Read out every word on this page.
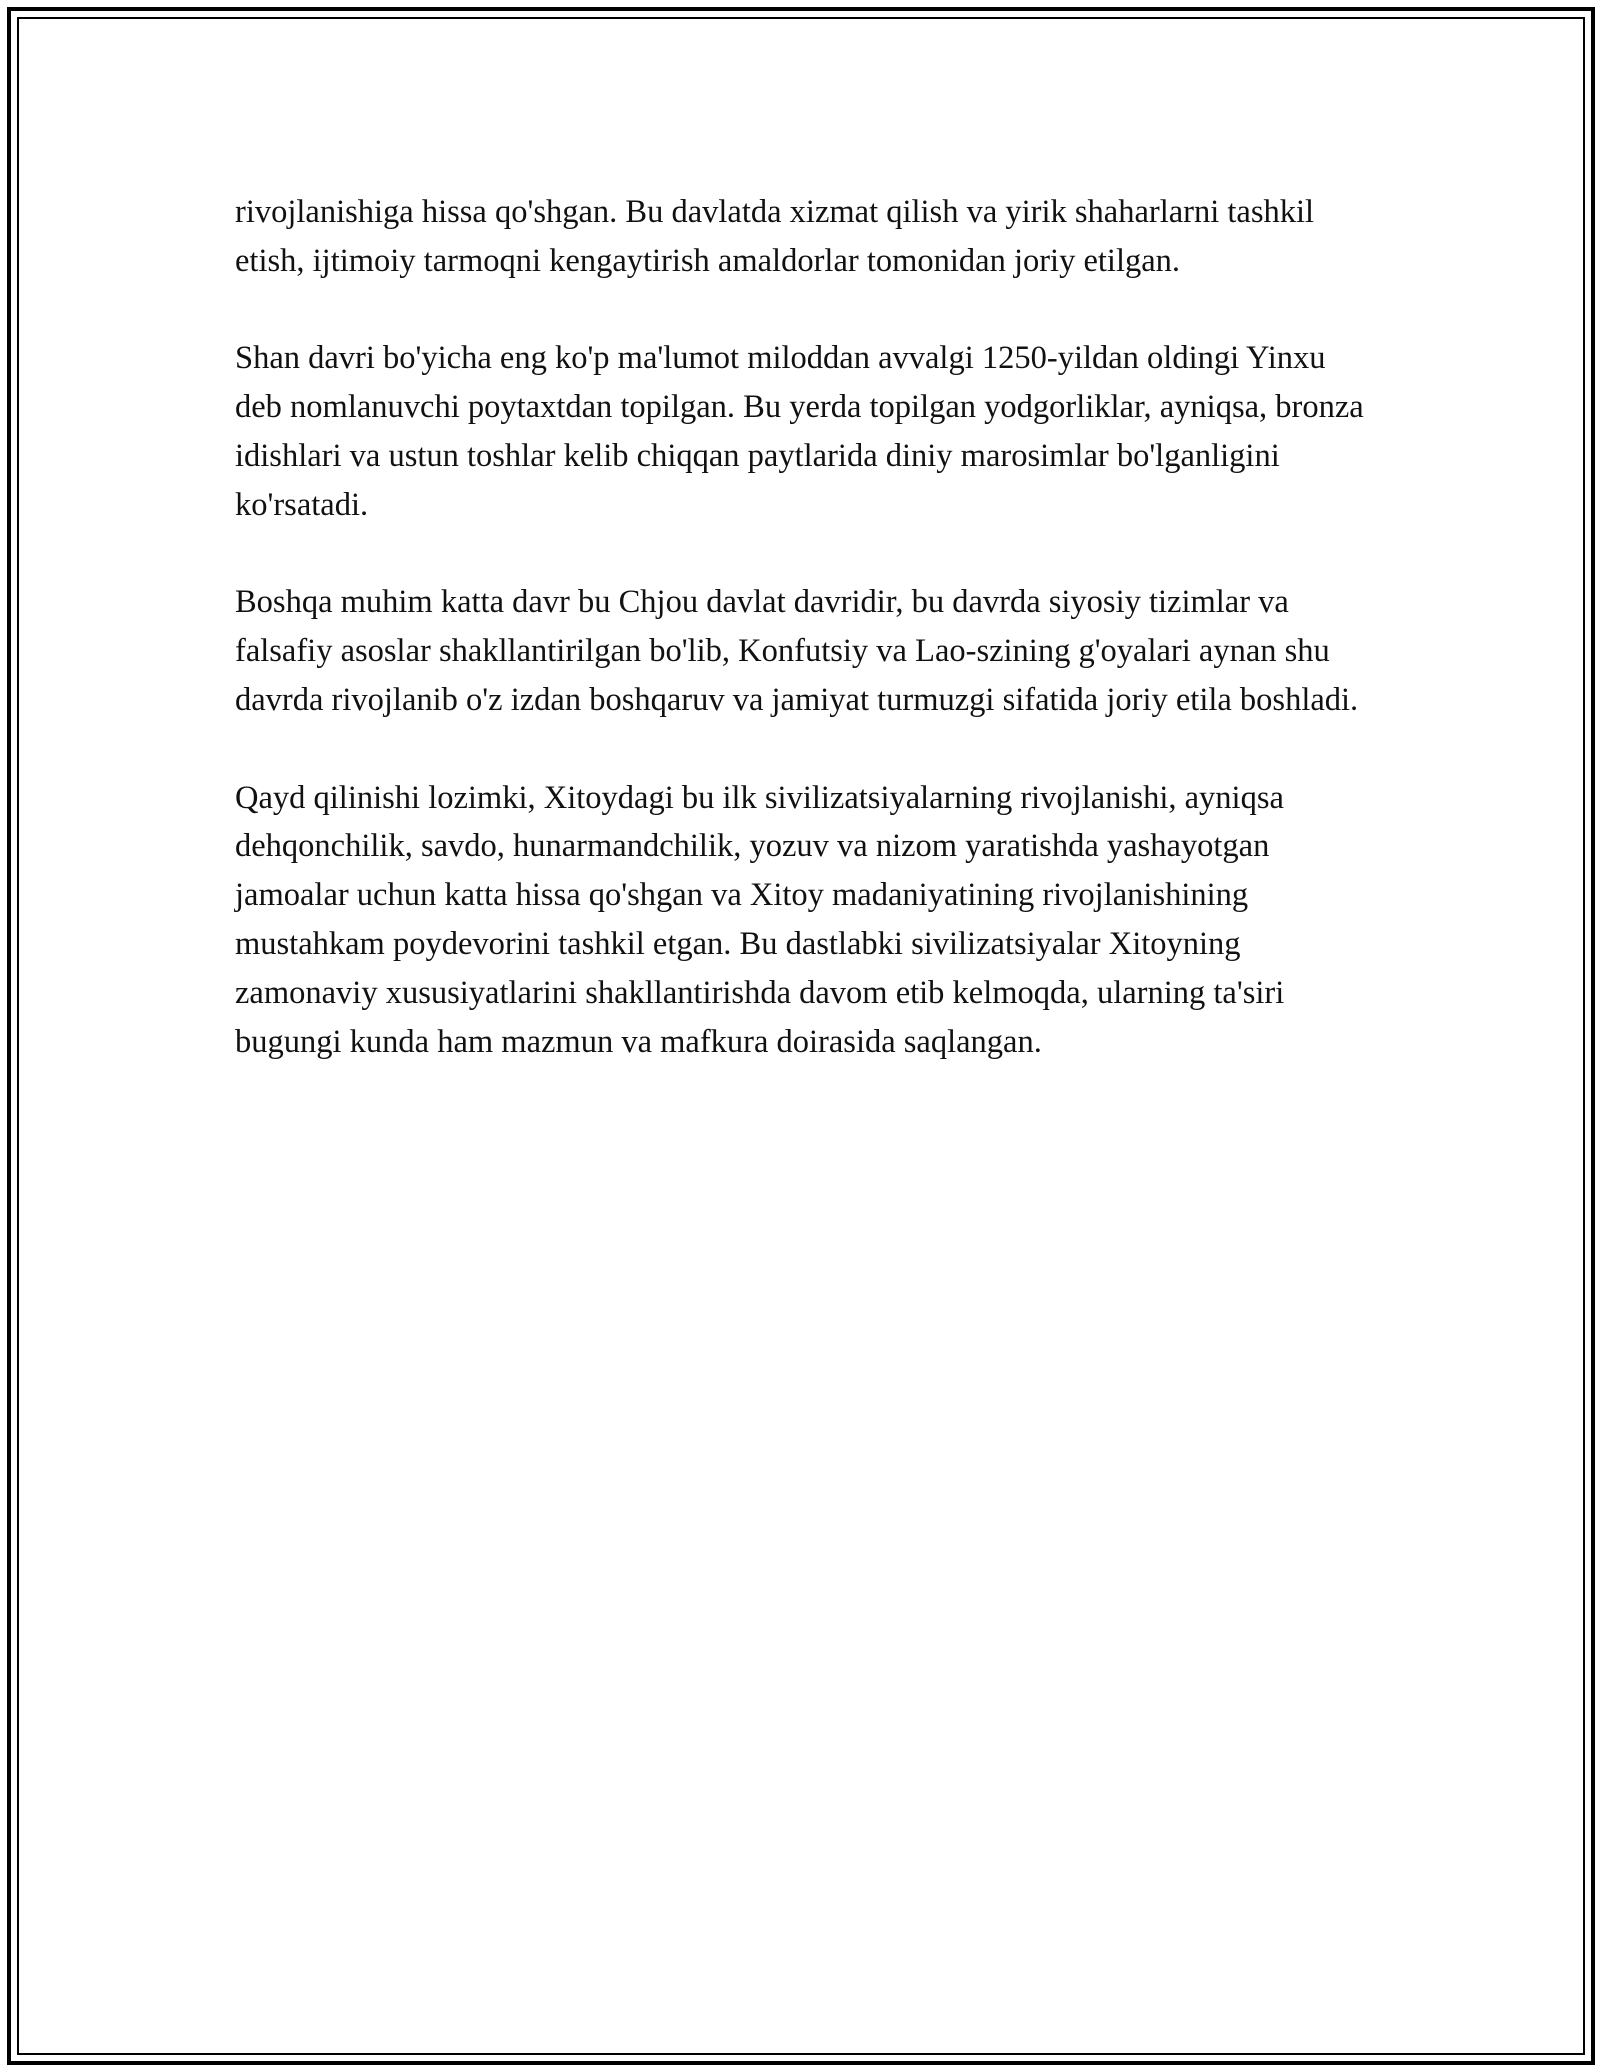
rivojlanishiga hissa qo'shgan. Bu davlatda xizmat qilish va yirik shaharlarni tashkil etish, ijtimoiy tarmoqni kengaytirish amaldorlar tomonidan joriy etilgan.

Shan davri bo'yicha eng ko'p ma'lumot miloddan avvalgi 1250-yildan oldingi Yinxu deb nomlanuvchi poytaxtdan topilgan. Bu yerda topilgan yodgorliklar, ayniqsa, bronza idishlari va ustun toshlar kelib chiqqan paytlarida diniy marosimlar bo'lganligini ko'rsatadi.

Boshqa muhim katta davr bu Chjou davlat davridir, bu davrda siyosiy tizimlar va falsafiy asoslar shakllantirilgan bo'lib, Konfutsiy va Lao-szining g'oyalari aynan shu davrda rivojlanib o'z izdan boshqaruv va jamiyat turmuzgi sifatida joriy etila boshladi.

Qayd qilinishi lozimki, Xitoydagi bu ilk sivilizatsiyalarning rivojlanishi, ayniqsa dehqonchilik, savdo, hunarmandchilik, yozuv va nizom yaratishda yashayotgan jamoalar uchun katta hissa qo'shgan va Xitoy madaniyatining rivojlanishining mustahkam poydevorini tashkil etgan. Bu dastlabki sivilizatsiyalar Xitoyning zamonaviy xususiyatlarini shakllantirishda davom etib kelmoqda, ularning ta'siri bugungi kunda ham mazmun va mafkura doirasida saqlangan.
